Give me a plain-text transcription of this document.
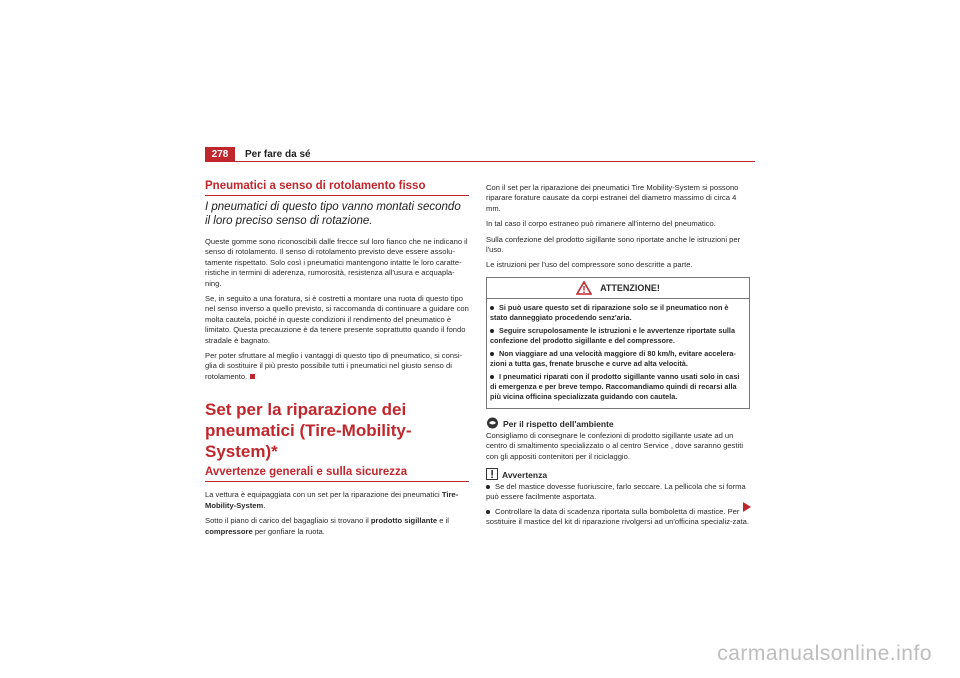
278	Per fare da sé
Pneumatici a senso di rotolamento fisso
I pneumatici di questo tipo vanno montati secondo il loro preciso senso di rotazione.

Queste gomme sono riconoscibili dalle frecce sul loro fianco che ne indicano il senso di rotolamento. Il senso di rotolamento previsto deve essere assolu-tamente rispettato. Solo così i pneumatici mantengono intatte le loro caratte-ristiche in termini di aderenza, rumorosità, resistenza all'usura e acquapla-ning.

Se, in seguito a una foratura, si è costretti a montare una ruota di questo tipo nel senso inverso a quello previsto, si raccomanda di continuare a guidare con molta cautela, poiché in queste condizioni il rendimento del pneumatico è limitato. Questa precauzione è da tenere presente soprattutto quando il fondo stradale è bagnato.

Per poter sfruttare al meglio i vantaggi di questo tipo di pneumatico, si consi-glia di sostituire il più presto possibile tutti i pneumatici nel giusto senso di rotolamento.

Set per la riparazione dei pneumatici (Tire-Mobility-System)*
Avvertenze generali e sulla sicurezza

La vettura è equipaggiata con un set per la riparazione dei pneumatici Tire-Mobility-System.

Sotto il piano di carico del bagagliaio si trovano il prodotto sigillante e il compressore per gonfiare la ruota.

Con il set per la riparazione dei pneumatici Tire Mobility-System si possono riparare forature causate da corpi estranei del diametro massimo di circa 4 mm.

In tal caso il corpo estraneo può rimanere all'interno del pneumatico.

Sulla confezione del prodotto sigillante sono riportate anche le istruzioni per l'uso.

Le istruzioni per l'uso del compressore sono descritte a parte.

ATTENZIONE!
Si può usare questo set di riparazione solo se il pneumatico non è stato danneggiato procedendo senz'aria.
Seguire scrupolosamente le istruzioni e le avvertenze riportate sulla confezione del prodotto sigillante e del compressore.
Non viaggiare ad una velocità maggiore di 80 km/h, evitare accelera-zioni a tutta gas, frenate brusche e curve ad alta velocità.
I pneumatici riparati con il prodotto sigillante vanno usati solo in casi di emergenza e per breve tempo. Raccomandiamo quindi di recarsi alla più vicina officina specializzata guidando con cautela.
Per il rispetto dell'ambiente

Consigliamo di consegnare le confezioni di prodotto sigillante usate ad un centro di smaltimento specializzato o al centro Service , dove saranno gestiti con gli appositi contenitori per il riciclaggio.

Avvertenza
Se del mastice dovesse fuoriuscire, farlo seccare. La pellicola che si forma può essere facilmente asportata.
Controllare la data di scadenza riportata sulla bomboletta di mastice. Per sostituire il mastice del kit di riparazione rivolgersi ad un'officina specializ-zata.
carmanualsonline.info
